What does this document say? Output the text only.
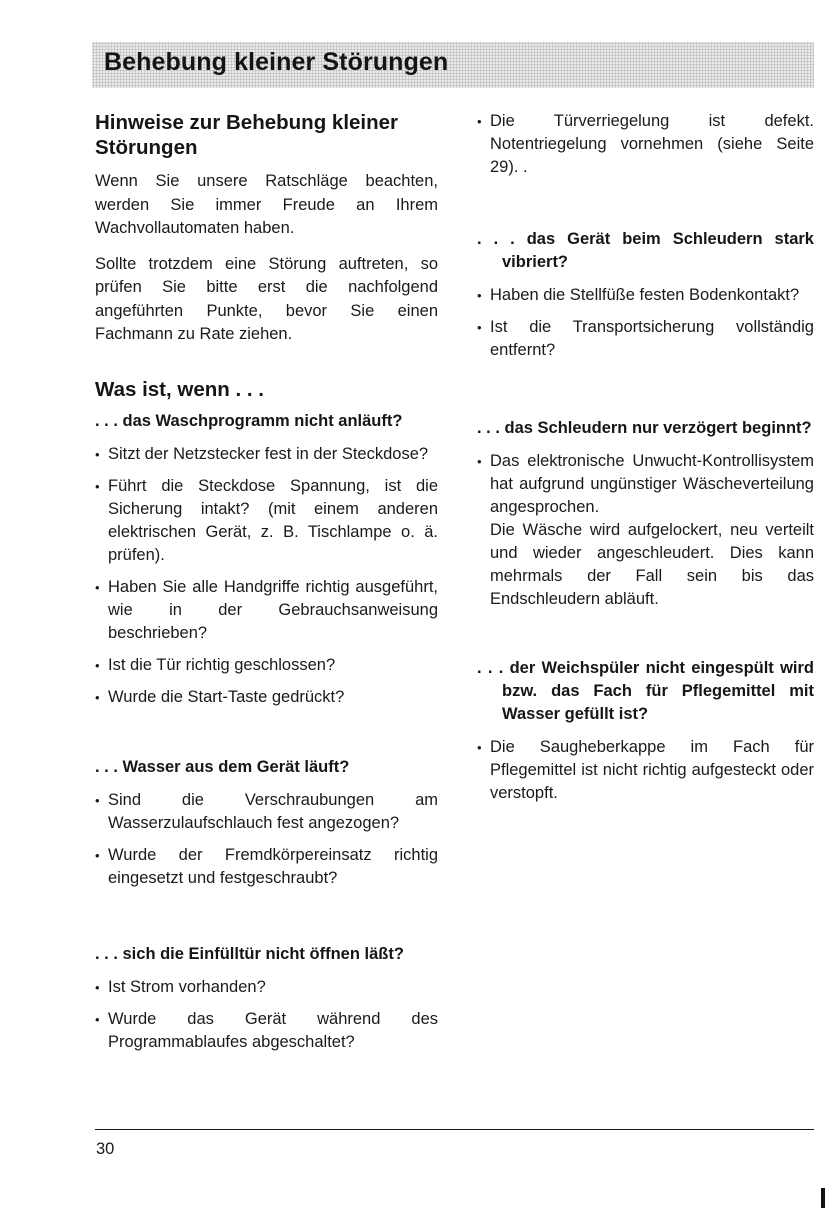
Behebung kleiner Störungen
Hinweise zur Behebung kleiner Störungen

Wenn Sie unsere Ratschläge beachten, werden Sie immer Freude an Ihrem Wachvollautomaten haben.

Sollte trotzdem eine Störung auftreten, so prüfen Sie bitte erst die nachfolgend angeführten Punkte, bevor Sie einen Fachmann zu Rate ziehen.

Was ist, wenn . . .
. . . das Waschprogramm nicht anläuft?
• Sitzt der Netzstecker fest in der Steckdose?
• Führt die Steckdose Spannung, ist die Sicherung intakt? (mit einem anderen elektrischen Gerät, z. B. Tischlampe o. ä. prüfen).
• Haben Sie alle Handgriffe richtig ausgeführt, wie in der Gebrauchsanweisung beschrieben?
• Ist die Tür richtig geschlossen?
• Wurde die Start-Taste gedrückt?
. . . Wasser aus dem Gerät läuft?
• Sind die Verschraubungen am Wasserzulaufschlauch fest angezogen?
• Wurde der Fremdkörpereinsatz richtig eingesetzt und festgeschraubt?
. . . sich die Einfülltür nicht öffnen läßt?
• Ist Strom vorhanden?
• Wurde das Gerät während des Programmablaufes abgeschaltet?
• Die Türverriegelung ist defekt. Notentriegelung vornehmen (siehe Seite 29). .
. . . das Gerät beim Schleudern stark vibriert?
• Haben die Stellfüße festen Bodenkontakt?
• Ist die Transportsicherung vollständig entfernt?
. . . das Schleudern nur verzögert beginnt?
• Das elektronische Unwucht-Kontrollisystem hat aufgrund ungünstiger Wäscheverteilung angesprochen.

Die Wäsche wird aufgelockert, neu verteilt und wieder angeschleudert. Dies kann mehrmals der Fall sein bis das Endschleudern abläuft.

. . . der Weichspüler nicht eingespült wird bzw. das Fach für Pflegemittel mit Wasser gefüllt ist?
• Die Saugheberkappe im Fach für Pflegemittel ist nicht richtig aufgesteckt oder verstopft.
30
